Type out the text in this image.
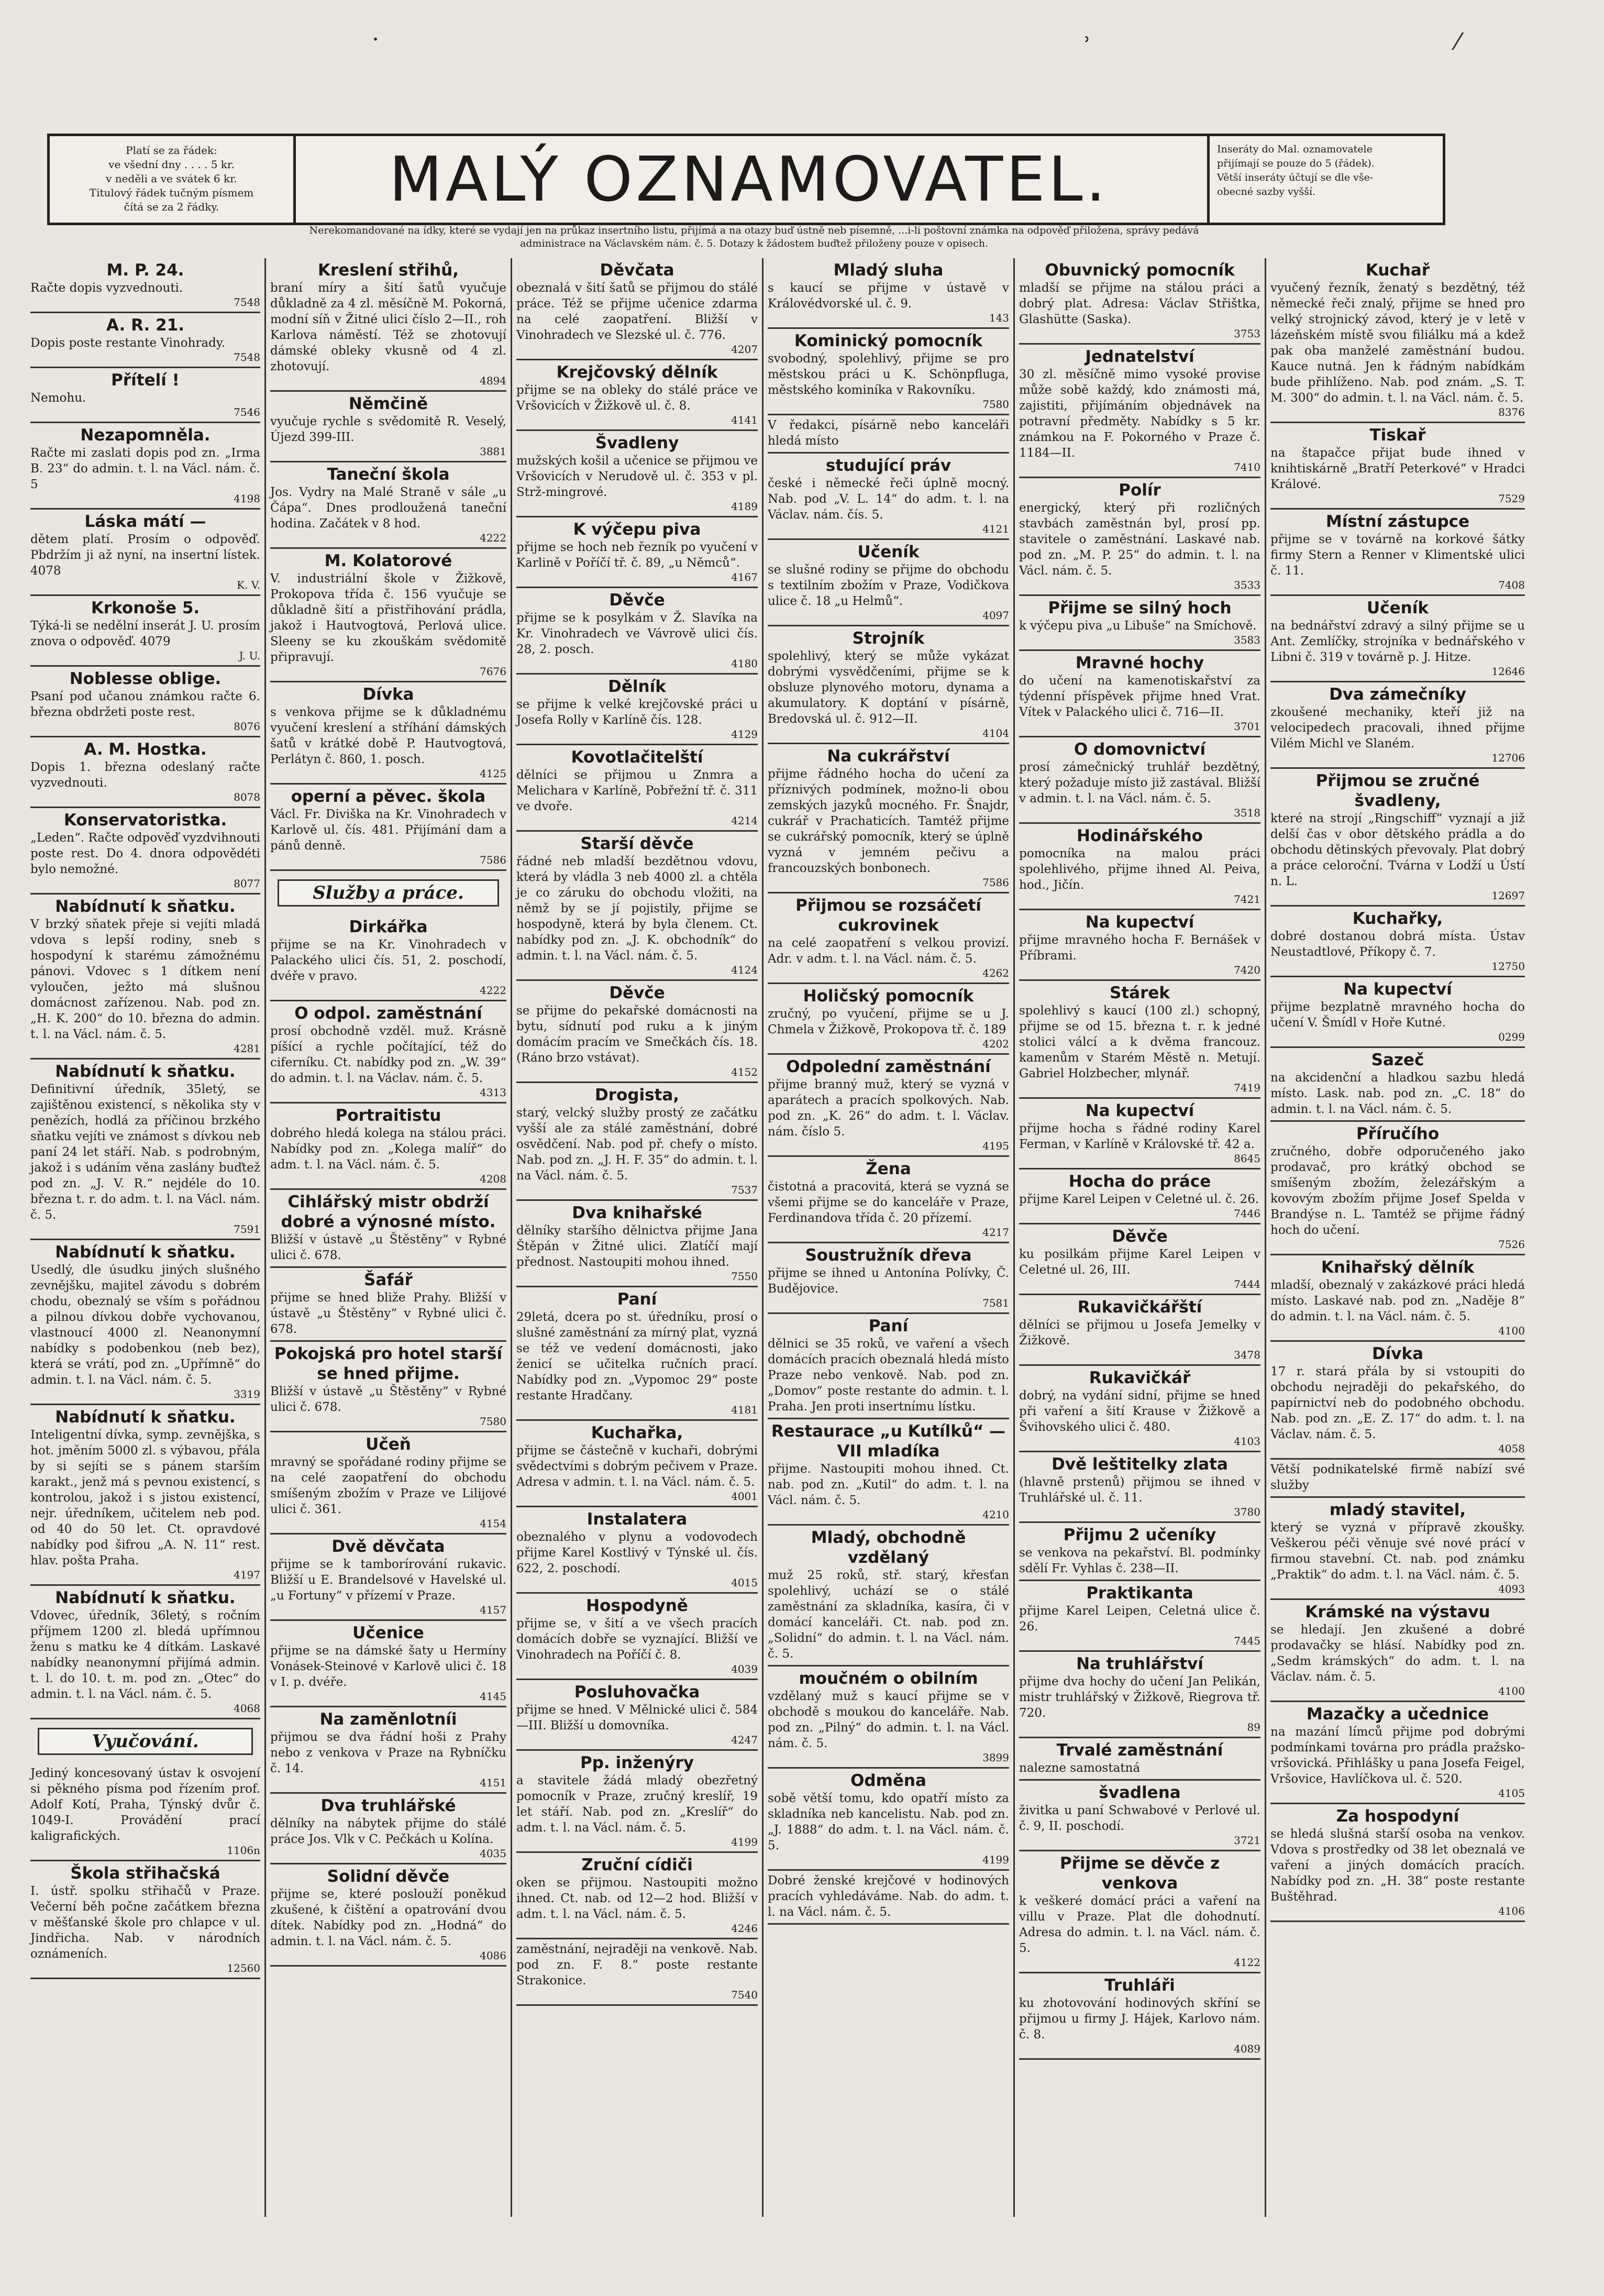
·	ʾ	⁄
Platí se za řádek:
ve všední dny . . . . 5 kr.
v neděli a ve svátek 6 kr.
Titulový řádek tučným písmem
čítá se za 2 řádky.	MALÝ OZNAMOVATEL.	Inseráty do Mal. oznamovatele
přijímají se pouze do 5 (řádek).
Větší inseráty účtují se dle vše-
obecné sazby vyšší.
Nerekomandované na ídky, které se vydají jen na průkaz insertního listu, přijímá a na otazy buď ústně neb písemně, ...i-li poštovní známka na odpověď přiložena, správy pedává
administrace na Václavském nám. č. 5. Dotazy k žádostem buďtež přiloženy pouze v opisech.
M. P. 24.
Račte dopis vyzvednouti.
7548
A. R. 21.
Dopis poste restante Vinohrady.
7548
Přítelí !
Nemohu.
7546
Nezapomněla.
Račte mi zaslati dopis pod zn. „Irma B. 23“ do admin. t. l. na Václ. nám. č. 5
4198
Láska mátí —
dětem platí. Prosím o odpověď. Pbdržím ji až nyní, na insertní lístek. 4078
K. V.
Krkonoše 5.
Týká-li se nedělní inserát J. U. prosím znova o odpověď. 4079
J. U.
Noblesse oblige.
Psaní pod učanou známkou račte 6. března obdržeti poste rest.
8076
A. M. Hostka.
Dopis 1. března odeslaný račte vyzvednouti.
8078
Konservatoristka.
„Leden“. Račte odpověď vyzdvihnouti poste rest. Do 4. dnora odpovědéti bylo nemožné.
8077
Nabídnutí k sňatku.
V brzký sňatek přeje si vejíti mladá vdova s lepší rodiny, sneb s hospodyní k starému zámožnému pánovi. Vdovec s 1 dítkem není vyloučen, ježto má slušnou domácnost zařízenou. Nab. pod zn. „H. K. 200“ do 10. března do admin. t. l. na Václ. nám. č. 5.
4281
Nabídnutí k sňatku.
Definitivní úředník, 35letý, se zajištěnou existencí, s několika sty v penězích, hodlá za příčinou brzkého sňatku vejíti ve známost s dívkou neb paní 24 let stáří. Nab. s podrobným, jakož i s udáním věna zaslány buďtež pod zn. „J. V. R.“ nejdéle do 10. března t. r. do adm. t. l. na Václ. nám. č. 5.
7591
Nabídnutí k sňatku.
Usedlý, dle úsudku jiných slušného zevnějšku, majitel závodu s dobrém chodu, obeznalý se vším s pořádnou a pilnou dívkou dobře vychovanou, vlastnoucí 4000 zl. Neanonymní nabídky s podobenkou (neb bez), která se vrátí, pod zn. „Upřímně“ do admin. t. l. na Václ. nám. č. 5.
3319
Nabídnutí k sňatku.
Inteligentní dívka, symp. zevnějška, s hot. jměním 5000 zl. s výbavou, přála by si sejíti se s pánem starším karakt., jenž má s pevnou existencí, s kontrolou, jakož i s jistou existencí, nejr. úředníkem, učitelem neb pod. od 40 do 50 let. Ct. opravdové nabídky pod šifrou „A. N. 11“ rest. hlav. pošta Praha.
4197
Nabídnutí k sňatku.
Vdovec, úředník, 36letý, s ročním příjmem 1200 zl. bledá upřímnou ženu s matku ke 4 dítkám. Laskavé nabídky neanonymní přijímá admin. t. l. do 10. t. m. pod zn. „Otec“ do admin. t. l. na Václ. nám. č. 5.
4068
Vyučování.
Jediný koncesovaný ústav k osvojení si pěkného písma pod řízením prof. Adolf Kotí, Praha, Týnský dvůr č. 1049-I. Provádění prací kaligrafických.
1106n
Škola střihačská
I. ústř. spolku střihačů v Praze. Večerní běh počne začátkem března v měšťanské škole pro chlapce v ul. Jindřicha. Nab. v národních oznámeních.
12560
Kreslení střihů,
braní míry a šití šatů vyučuje důkladně za 4 zl. měsíčně M. Pokorná, modní síň v Žitné ulici číslo 2—II., roh Karlova náměstí. Též se zhotovují dámské obleky vkusně od 4 zl. zhotovují.
4894
Němčině
vyučuje rychle s svědomitě R. Veselý, Újezd 399-III.
3881
Taneční škola
Jos. Vydry na Malé Straně v sále „u Čápa“. Dnes prodloužená taneční hodina. Začátek v 8 hod.
4222
M. Kolatorové
V. industriální škole v Žižkově, Prokopova třída č. 156 vyučuje se důkladně šití a přistřihování prádla, jakož i Hautvogtová, Perlová ulice. Sleeny se ku zkouškám svědomitě připravují.
7676
Dívka
s venkova přijme se k důkladnému vyučení kreslení a stříhání dámských šatů v krátké době P. Hautvogtová, Perlátyn č. 860, 1. posch.
4125
operní a pěvec. škola
Václ. Fr. Diviška na Kr. Vinohradech v Karlově ul. čís. 481. Přijímání dam a pánů denně.
7586
Služby a práce.
Dirkářka
přijme se na Kr. Vinohradech v Palackého ulici čís. 51, 2. poschodí, dvéře v pravo.
4222
O odpol. zaměstnání
prosí obchodně vzděl. muž. Krásně píšící a rychle počítající, též do ciferníku. Ct. nabídky pod zn. „W. 39“ do admin. t. l. na Václav. nám. č. 5.
4313
Portraitistu
dobrého hledá kolega na stálou práci. Nabídky pod zn. „Kolega malíř“ do adm. t. l. na Václ. nám. č. 5.
4208
Cihlářský mistr obdrží dobré a výnosné místo.
Bližší v ústavě „u Štěstěny“ v Rybné ulici č. 678.
Šafář
přijme se hned bliže Prahy. Bližší v ústavě „u Štěstěny“ v Rybné ulici č. 678.
Pokojská pro hotel starší se hned přijme.
Bližší v ústavě „u Štěstěny“ v Rybné ulici č. 678.
7580
Učeň
mravný se spořádané rodiny přijme se na celé zaopatření do obchodu smíšeným zbožím v Praze ve Lilijové ulici č. 361.
4154
Dvě děvčata
přijme se k tamborírování rukavic. Bližší u E. Brandelsové v Havelské ul. „u Fortuny“ v přízemí v Praze.
4157
Učenice
přijme se na dámské šaty u Hermíny Vonásek-Steinové v Karlově ulici č. 18 v I. p. dvéře.
4145
Na zaměnlotníi
přijmou se dva řádní hoši z Prahy nebo z venkova v Praze na Rybníčku č. 14.
4151
Dva truhlářské
dělníky na nábytek přijme do stálé práce Jos. Vlk v C. Pečkách u Kolína.
4035
Solidní děvče
přijme se, které poslouží poněkud zkušené, k čištění a opatrování dvou dítek. Nabídky pod zn. „Hodná“ do admin. t. l. na Václ. nám. č. 5.
4086
Děvčata
obeznalá v šití šatů se přijmou do stálé práce. Též se přijme učenice zdarma na celé zaopatření. Bližší v Vinohradech ve Slezské ul. č. 776.
4207
Krejčovský dělník
přijme se na obleky do stálé práce ve Vršovicích v Žižkově ul. č. 8.
4141
Švadleny
mužských košil a učenice se přijmou ve Vršovicích v Nerudově ul. č. 353 v pl. Strž-mingrové.
4189
K výčepu piva
přijme se hoch neb řezník po vyučení v Karlině v Poříčí tř. č. 89, „u Němců“.
4167
Děvče
přijme se k posylkám v Ž. Slavíka na Kr. Vinohradech ve Vávrově ulici čís. 28, 2. posch.
4180
Dělník
se přijme k velké krejčovské práci u Josefa Rolly v Karlíně čís. 128.
4129
Kovotlačitelští
dělníci se přijmou u Znmra a Melichara v Karlíně, Pobřežní tř. č. 311 ve dvoře.
4214
Starší děvče
řádné neb mladší bezdětnou vdovu, která by vládla 3 neb 4000 zl. a chtěla je co záruku do obchodu vložiti, na němž by se jí pojistily, přijme se hospodyně, která by byla členem. Ct. nabídky pod zn. „J. K. obchodník“ do admin. t. l. na Václ. nám. č. 5.
4124
Děvče
se přijme do pekařské domácnosti na bytu, sídnutí pod ruku a k jiným domácím pracím ve Smečkách čís. 18. (Ráno brzo vstávat).
4152
Drogista,
starý, velcký služby prostý ze začátku vyšší ale za stálé zaměstnání, dobré osvědčení. Nab. pod př. chefy o místo. Nab. pod zn. „J. H. F. 35“ do admin. t. l. na Václ. nám. č. 5.
7537
Dva knihařské
dělníky staršího dělnictva přijme Jana Štěpán v Žitné ulici. Zlatíčí mají přednost. Nastoupiti mohou ihned.
7550
Paní
29letá, dcera po st. úředníku, prosí o slušné zaměstnání za mírný plat, vyzná se též ve vedení domácnosti, jako ženicí se učitelka ručních prací. Nabídky pod zn. „Vypomoc 29“ poste restante Hradčany.
4181
Kuchařka,
přijme se částečně v kuchaři, dobrými svědectvími s dobrým pečivem v Praze. Adresa v admin. t. l. na Václ. nám. č. 5.
4001
Instalatera
obeznalého v plynu a vodovodech přijme Karel Kostlivý v Týnské ul. čís. 622, 2. poschodí.
4015
Hospodyně
přijme se, v šití a ve všech pracích domácích dobře se vyznající. Bližší ve Vinohradech na Poříčí č. 8.
4039
Posluhovačka
přijme se hned. V Mělnické ulici č. 584—III. Bližší u domovníka.
4247
Pp. inženýry
a stavitele žádá mladý obezřetný pomocník v Praze, zručný kreslíř, 19 let stáří. Nab. pod zn. „Kreslíř“ do adm. t. l. na Václ. nám. č. 5.
4199
Zruční cídiči
oken se přijmou. Nastoupiti možno ihned. Ct. nab. od 12—2 hod. Bližší v adm. t. l. na Václ. nám. č. 5.
4246
zaměstnání, nejraději na venkově. Nab. pod zn. F. 8.“ poste restante Strakonice.
7540
Mladý sluha
s kaucí se přijme v ústavě v Královédvorské ul. č. 9.
143
Kominický pomocník
svobodný, spolehlivý, přijme se pro městskou práci u K. Schönpfluga, městského kominíka v Rakovníku.
7580
V ředakci, písárně nebo kanceláři hledá místo
studující práv
české i německé řeči úplně mocný. Nab. pod „V. L. 14“ do adm. t. l. na Václav. nám. čís. 5.
4121
Učeník
se slušné rodiny se přijme do obchodu s textilním zbožím v Praze, Vodičkova ulice č. 18 „u Helmů“.
4097
Strojník
spolehlivý, který se může vykázat dobrými vysvědčeními, přijme se k obsluze plynového motoru, dynama a akumulatory. K doptání v písárně, Bredovská ul. č. 912—II.
4104
Na cukrářství
přijme řádného hocha do učení za příznivých podmínek, možno-li obou zemských jazyků mocného. Fr. Šnajdr, cukrář v Prachaticích. Tamtéž přijme se cukrářský pomocník, který se úplně vyzná v jemném pečivu a francouzských bonbonech.
7586
Přijmou se rozsáčetí cukrovinek
na celé zaopatření s velkou provizí. Adr. v adm. t. l. na Václ. nám. č. 5.
4262
Holičský pomocník
zručný, po vyučení, přijme se u J. Chmela v Žižkově, Prokopova tř. č. 189
4202
Odpolední zaměstnání
přijme branný muž, který se vyzná v aparátech a pracích spolkových. Nab. pod zn. „K. 26“ do adm. t. l. Václav. nám. číslo 5.
4195
Žena
čistotná a pracovitá, která se vyzná se všemi přijme se do kanceláře v Praze, Ferdinandova třída č. 20 přízemí.
4217
Soustružník dřeva
přijme se ihned u Antonína Polívky, Č. Budějovice.
7581
Paní
dělnici se 35 roků, ve vaření a všech domácích pracích obeznalá hledá místo Praze nebo venkově. Nab. pod zn. „Domov“ poste restante do admin. t. l. Praha. Jen proti insertnímu lístku.
Restaurace „u Kutílků“ —VII mladíka
přijme. Nastoupiti mohou ihned. Ct. nab. pod zn. „Kutil“ do adm. t. l. na Václ. nám. č. 5.
4210
Mladý, obchodně vzdělaný
muž 25 roků, stř. starý, křesťan spolehlivý, uchází se o stálé zaměstnání za skladníka, kasíra, či v domácí kanceláři. Ct. nab. pod zn. „Solidní“ do admin. t. l. na Václ. nám. č. 5.
moučném o obilním
vzdělaný muž s kaucí přijme se v obchodě s moukou do kanceláře. Nab. pod zn. „Pilný“ do admin. t. l. na Václ. nám. č. 5.
3899
Odměna
sobě větší tomu, kdo opatří místo za skladníka neb kancelistu. Nab. pod zn. „J. 1888“ do adm. t. l. na Václ. nám. č. 5.
4199
Dobré ženské krejčové v hodinových pracích vyhledáváme. Nab. do adm. t. l. na Václ. nám. č. 5.
Obuvnický pomocník
mladší se přijme na stálou práci a dobrý plat. Adresa: Václav Střištka, Glashütte (Saska).
3753
Jednatelství
30 zl. měsíčně mimo vysoké provise může sobě každý, kdo známosti má, zajistiti, přijímáním objednávek na potravní předměty. Nabídky s 5 kr. známkou na F. Pokorného v Praze č. 1184—II.
7410
Polír
energický, který při rozličných stavbách zaměstnán byl, prosí pp. stavitele o zaměstnání. Laskavé nab. pod zn. „M. P. 25“ do admin. t. l. na Václ. nám. č. 5.
3533
Přijme se silný hoch
k výčepu piva „u Libuše“ na Smíchově.
3583
Mravné hochy
do učení na kamenotiskařství za týdenní příspěvek přijme hned Vrat. Vítek v Palackého ulici č. 716—II.
3701
O domovnictví
prosí zámečnický truhlář bezdětný, který požaduje místo již zastával. Bližší v admin. t. l. na Václ. nám. č. 5.
3518
Hodinářského
pomocníka na malou práci spolehlivého, přijme ihned Al. Peiva, hod., Jičín.
7421
Na kupectví
přijme mravného hocha F. Bernášek v Příbrami.
7420
Stárek
spolehlivý s kaucí (100 zl.) schopný, přijme se od 15. března t. r. k jedné stolici válcí a k dvěma francouz. kamenům v Starém Městě n. Metují. Gabriel Holzbecher, mlynář.
7419
Na kupectví
přijme hocha s řádné rodiny Karel Ferman, v Karlíně v Královské tř. 42 a.
8645
Hocha do práce
přijme Karel Leipen v Celetné ul. č. 26.
7446
Děvče
ku posilkám přijme Karel Leipen v Celetné ul. 26, III.
7444
Rukavičkářští
dělníci se přijmou u Josefa Jemelky v Žižkově.
3478
Rukavičkář
dobrý, na vydání sidní, přijme se hned při vaření a šití Krause v Žižkově a Švihovského ulici č. 480.
4103
Dvě leštitelky zlata
(hlavně prstenů) přijmou se ihned v Truhlářské ul. č. 11.
3780
Přijmu 2 učeníky
se venkova na pekařství. Bl. podmínky sdělí Fr. Vyhlas č. 238—II.
Praktikanta
přijme Karel Leipen, Celetná ulice č. 26.
7445
Na truhlářství
přijme dva hochy do učení Jan Pelikán, mistr truhlářský v Žižkově, Riegrova tř. 720.
89
Trvalé zaměstnání
nalezne samostatná
švadlena
živitka u paní Schwabové v Perlové ul. č. 9, II. poschodí.
3721
Přijme se děvče z venkova
k veškeré domácí práci a vaření na villu v Praze. Plat dle dohodnutí. Adresa do admin. t. l. na Václ. nám. č. 5.
4122
Truhláři
ku zhotovování hodinových skříní se přijmou u firmy J. Hájek, Karlovo nám. č. 8.
4089
Kuchař
vyučený řezník, ženatý s bezdětný, též německé řeči znalý, přijme se hned pro velký strojnický závod, který je v letě v lázeňském místě svou filiálku má a kdež pak oba manželé zaměstnání budou. Kauce nutná. Jen k řádným nabídkám bude přihlíženo. Nab. pod znám. „S. T. M. 300“ do admin. t. l. na Václ. nám. č. 5.
8376
Tiskař
na štapačce přijat bude ihned v knihtiskárně „Bratří Peterkové“ v Hradci Králové.
7529
Místní zástupce
přijme se v továrně na korkové šátky firmy Stern a Renner v Klimentské ulici č. 11.
7408
Učeník
na bednářství zdravý a silný přijme se u Ant. Zemlíčky, strojníka v bednářského v Libni č. 319 v továrně p. J. Hitze.
12646
Dva zámečníky
zkoušené mechaniky, kteří již na velocipedech pracovali, ihned přijme Vilém Michl ve Slaném.
12706
Přijmou se zručné švadleny,
které na strojí „Ringschiff“ vyznají a již delší čas v obor dětského prádla a do obchodu dětinských převovaly. Plat dobrý a práce celoroční. Tvárna v Lodží u Ústí n. L.
12697
Kuchařky,
dobré dostanou dobrá místa. Ústav Neustadtlové, Příkopy č. 7.
12750
Na kupectví
přijme bezplatně mravného hocha do učení V. Šmídl v Hoře Kutné.
0299
Sazeč
na akcidenční a hladkou sazbu hledá místo. Lask. nab. pod zn. „C. 18“ do admin. t. l. na Václ. nám. č. 5.
Příručího
zručného, dobře odporučeného jako prodavač, pro krátký obchod se smíšeným zbožím, železářským a kovovým zbožím přijme Josef Spelda v Brandýse n. L. Tamtéž se přijme řádný hoch do učení.
7526
Knihařský dělník
mladší, obeznalý v zakázkové práci hledá místo. Laskavé nab. pod zn. „Naděje 8“ do admin. t. l. na Václ. nám. č. 5.
4100
Dívka
17 r. stará přála by si vstoupiti do obchodu nejraději do pekařského, do papírnictví neb do podobného obchodu. Nab. pod zn. „E. Z. 17“ do adm. t. l. na Václav. nám. č. 5.
4058
Větší podnikatelské firmě nabízí své služby
mladý stavitel,
který se vyzná v přípravě zkoušky. Veškerou péči věnuje své nové prácí v firmou stavební. Ct. nab. pod známku „Praktik“ do adm. t. l. na Václ. nám. č. 5.
4093
Krámské na výstavu
se hledají. Jen zkušené a dobré prodavačky se hlásí. Nabídky pod zn. „Sedm krámských“ do adm. t. l. na Václav. nám. č. 5.
4100
Mazačky a učednice
na mazání límců přijme pod dobrými podmínkami továrna pro prádla pražsko-vršovická. Přihlášky u pana Josefa Feigel, Vršovice, Havlíčkova ul. č. 520.
4105
Za hospodyní
se hledá slušná starší osoba na venkov. Vdova s prostředky od 38 let obeznalá ve vaření a jiných domácích pracích. Nabídky pod zn. „H. 38“ poste restante Buštěhrad.
4106
